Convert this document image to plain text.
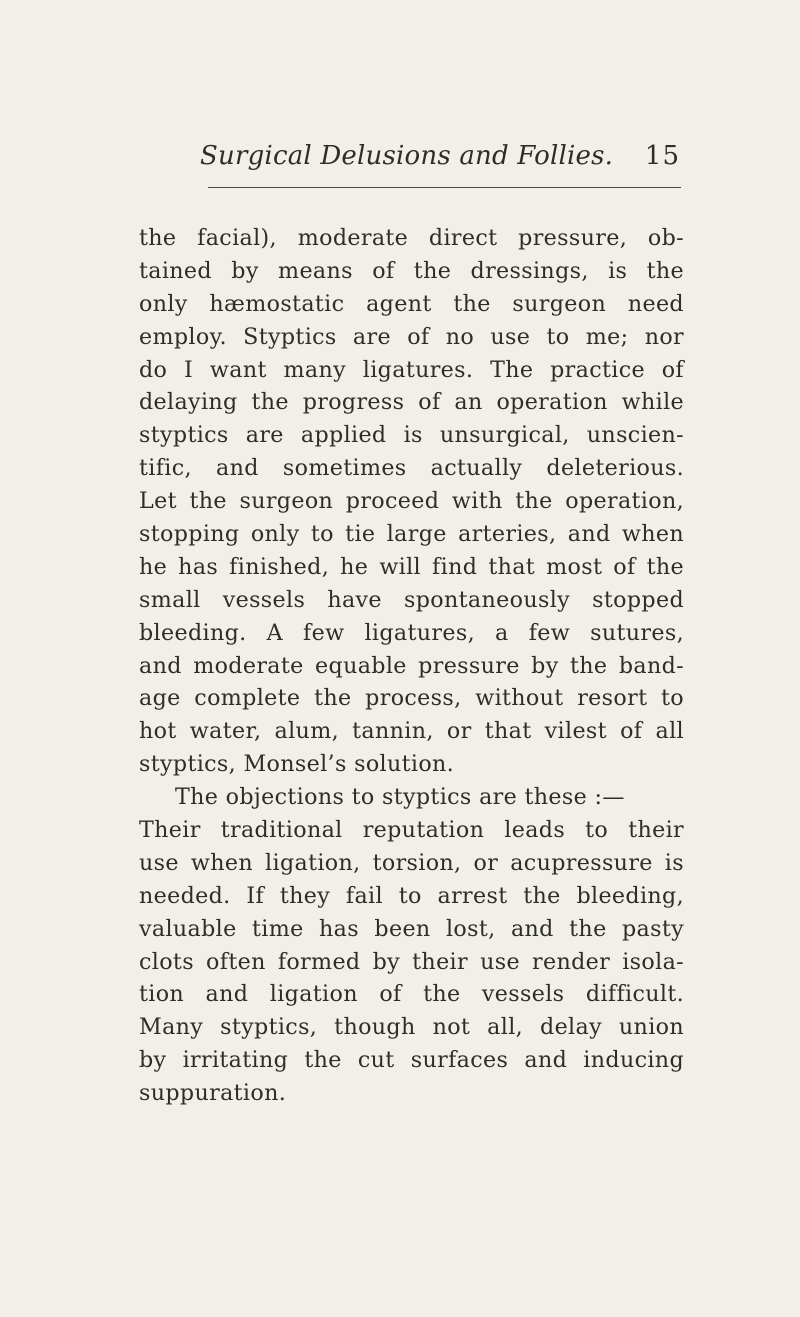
Surgical Delusions and Follies. 15
the facial), moderate direct pressure, ob-
tained by means of the dressings, is the
only hæmostatic agent the surgeon need
employ. Styptics are of no use to me; nor
do I want many ligatures. The practice of
delaying the progress of an operation while
styptics are applied is unsurgical, unscien-
tific, and sometimes actually deleterious.
Let the surgeon proceed with the operation,
stopping only to tie large arteries, and when
he has finished, he will find that most of the
small vessels have spontaneously stopped
bleeding. A few ligatures, a few sutures,
and moderate equable pressure by the band-
age complete the process, without resort to
hot water, alum, tannin, or that vilest of all
styptics, Monsel’s solution.
The objections to styptics are these :—
Their traditional reputation leads to their
use when ligation, torsion, or acupressure is
needed. If they fail to arrest the bleeding,
valuable time has been lost, and the pasty
clots often formed by their use render isola-
tion and ligation of the vessels difficult.
Many styptics, though not all, delay union
by irritating the cut surfaces and inducing
suppuration.
